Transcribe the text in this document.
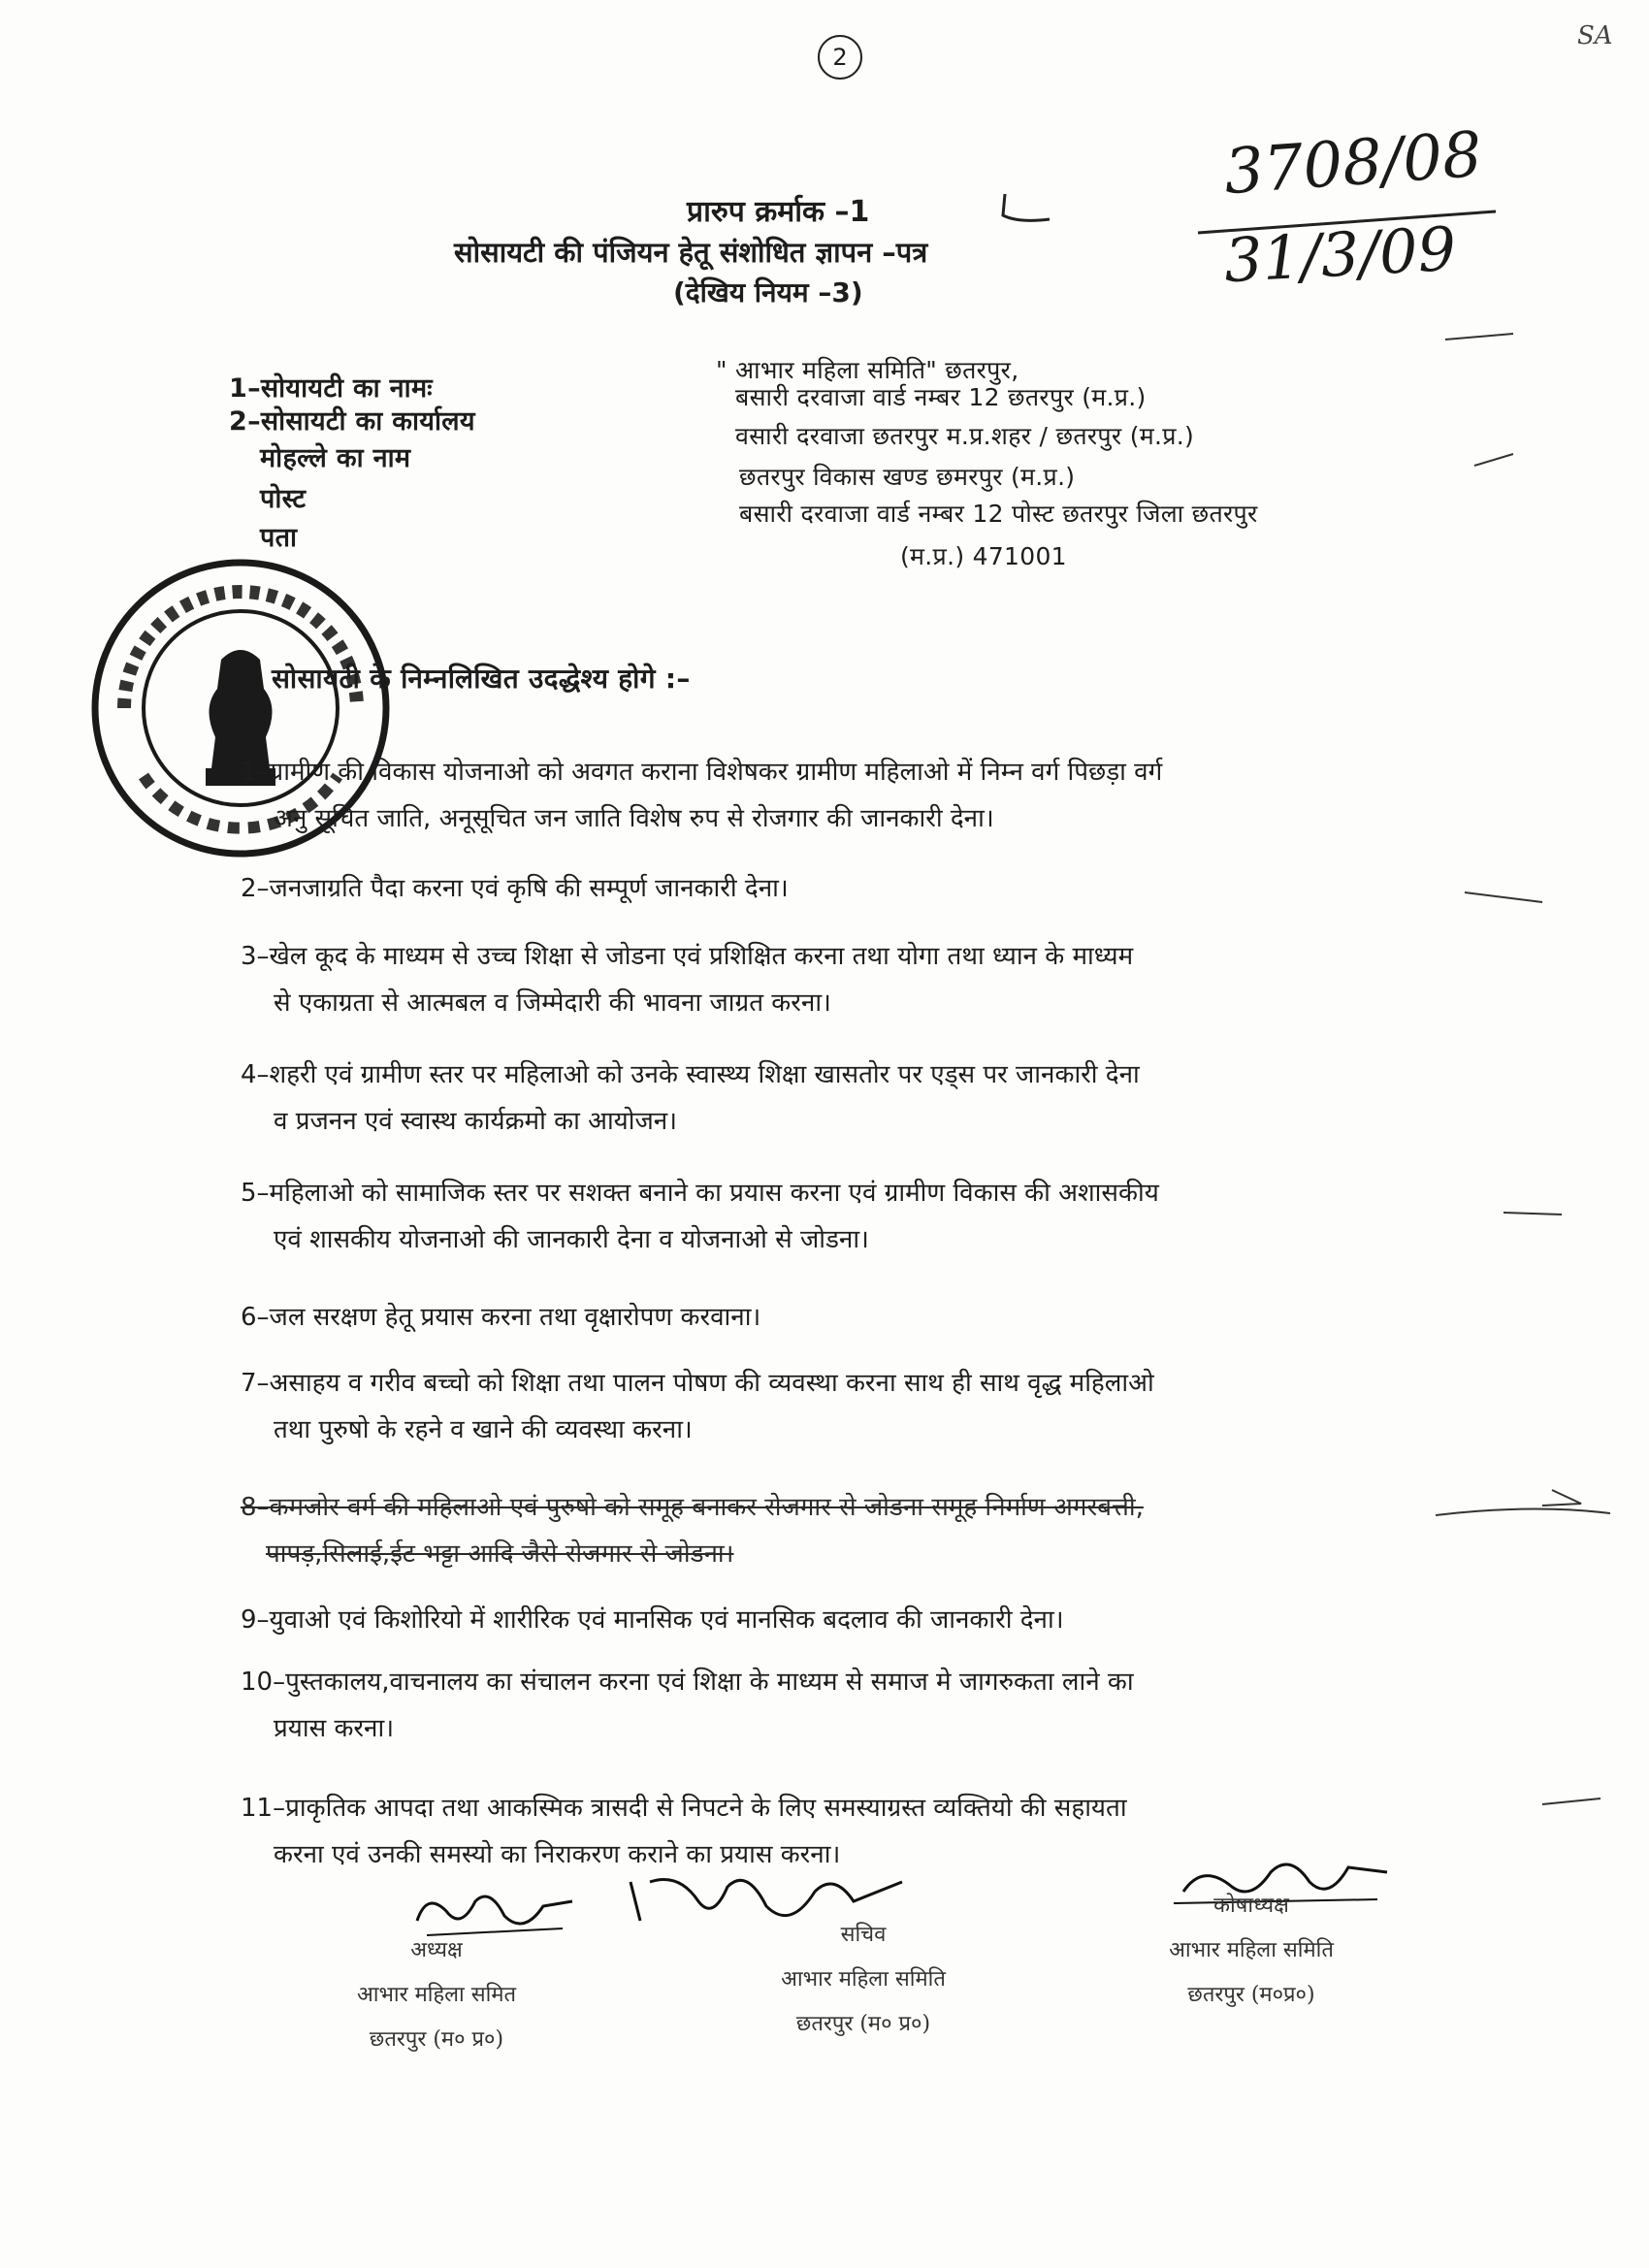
2
SA
3708/08
31/3/09
प्रारुप क्रर्माक –1
सोसायटी की पंजियन हेतू संशोधित ज्ञापन –पत्र
(देखिय नियम –3)
1–सोयायटी का नामः
2–सोसायटी का कार्यालय
मोहल्ले का नाम
पोस्ट
पता
" आभार महिला समिति" छतरपुर,
बसारी दरवाजा वार्ड नम्बर 12 छतरपुर (म.प्र.)
वसारी दरवाजा छतरपुर म.प्र.शहर / छतरपुर (म.प्र.)
छतरपुर विकास खण्ड छमरपुर (म.प्र.)
बसारी दरवाजा वार्ड नम्बर 12 पोस्ट छतरपुर जिला छतरपुर
(म.प्र.) 471001
सोसायटी के निम्नलिखित उदद्धेश्य होगे :–
1–ग्रामीण की विकास योजनाओ को अवगत कराना विशेषकर ग्रामीण महिलाओ में निम्न वर्ग पिछड़ा वर्ग
अनु सूचित जाति, अनूसूचित जन जाति विशेष रुप से रोजगार की जानकारी देना।
2–जनजाग्रति पैदा करना एवं कृषि की सम्पूर्ण जानकारी देना।
3–खेल कूद के माध्यम से उच्च शिक्षा से जोडना एवं प्रशिक्षित करना तथा योगा तथा ध्यान के माध्यम
से एकाग्रता से आत्मबल व जिम्मेदारी की भावना जाग्रत करना।
4–शहरी एवं ग्रामीण स्तर पर महिलाओ को उनके स्वास्थ्य शिक्षा खासतोर पर एड्स पर जानकारी देना
व प्रजनन एवं स्वास्थ कार्यक्रमो का आयोजन।
5–महिलाओ को सामाजिक स्तर पर सशक्त बनाने का प्रयास करना एवं ग्रामीण विकास की अशासकीय
एवं शासकीय योजनाओ की जानकारी देना व योजनाओ से जोडना।
6–जल सरक्षण हेतू प्रयास करना तथा वृक्षारोपण करवाना।
7–असाहय व गरीव बच्चो को शिक्षा तथा पालन पोषण की व्यवस्था करना साथ ही साथ वृद्ध महिलाओ
तथा पुरुषो के रहने व खाने की व्यवस्था करना।
8–कमजोर वर्ग की महिलाओ एवं पुरुषो को समूह बनाकर रोजगार से जोडना समूह निर्माण अगरबत्ती,
पापड़,सिलाई,ईट भट्टा आदि जैसे रोजगार से जोडना।
9–युवाओ एवं किशोरियो में शारीरिक एवं मानसिक एवं मानसिक बदलाव की जानकारी देना।
10–पुस्तकालय,वाचनालय का संचालन करना एवं शिक्षा के माध्यम से समाज मे जागरुकता लाने का
प्रयास करना।
11–प्राकृतिक आपदा तथा आकस्मिक त्रासदी से निपटने के लिए समस्याग्रस्त व्यक्तियो की सहायता
करना एवं उनकी समस्यो का निराकरण कराने का प्रयास करना।
अध्यक्ष
आभार महिला समित
छतरपुर (म० प्र०)
सचिव
आभार महिला समिति
छतरपुर (म० प्र०)
कोषाध्यक्ष
आभार महिला समिति
छतरपुर (म०प्र०)
